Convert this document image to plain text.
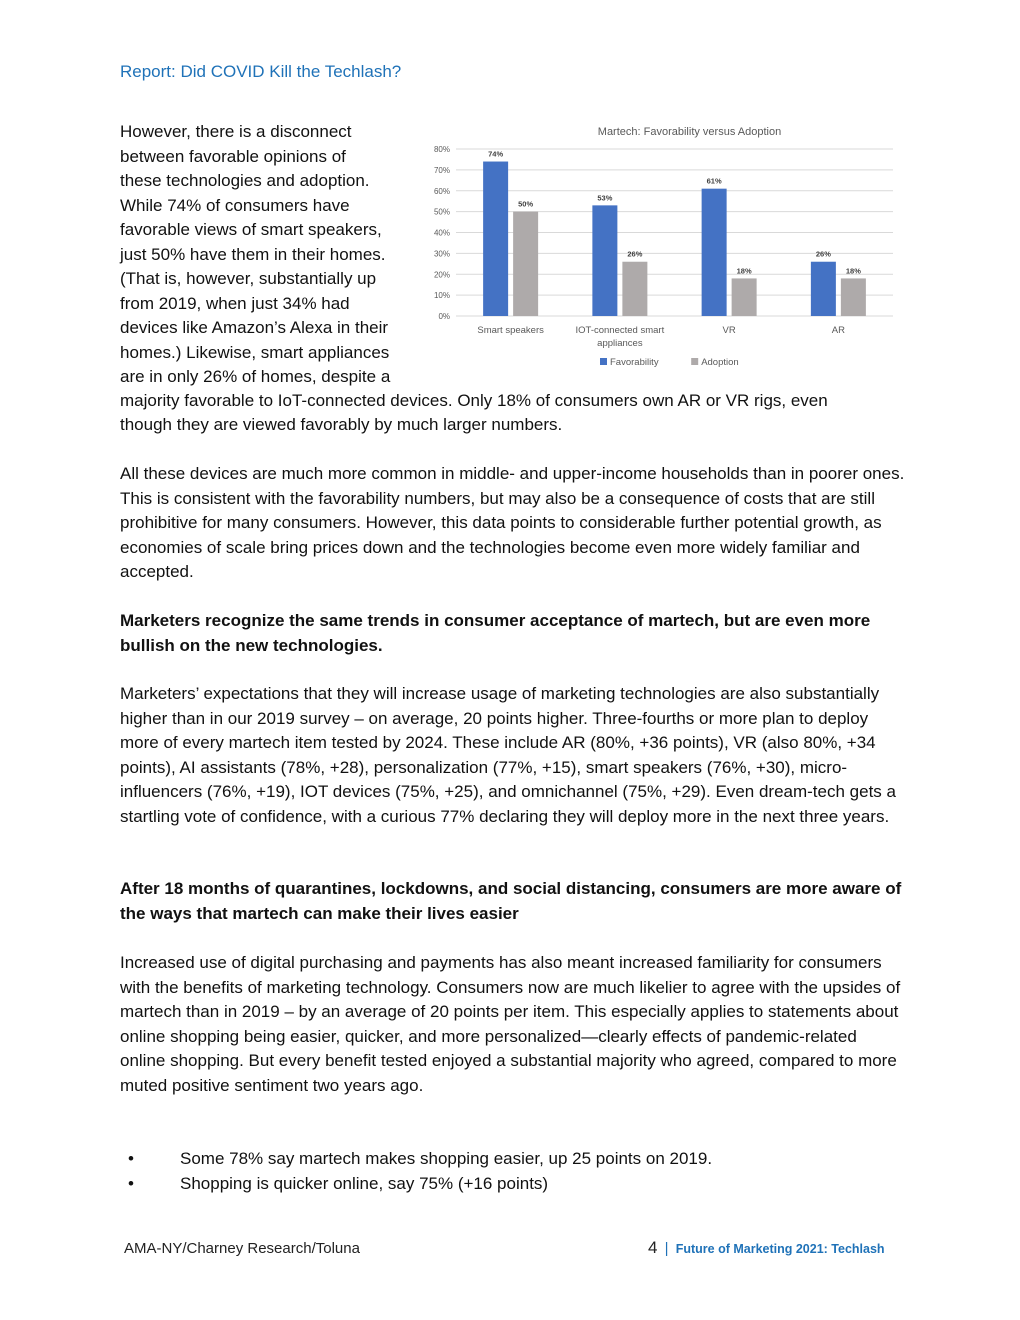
Report: Did COVID Kill the Techlash?

However, there is a disconnect
between favorable opinions of
these technologies and adoption.
While 74% of consumers have
favorable views of smart speakers,
just 50% have them in their homes.
(That is, however, substantially up
from 2019, when just 34% had
devices like Amazon’s Alexa in their
homes.) Likewise, smart appliances
are in only 26% of homes, despite a

Martech: Favorability versus Adoption
0%
10%
20%
30%
40%
50%
60%
70%
80%
74%
50%
Smart speakers
53%
26%
IOT-connected smart
appliances
61%
18%
VR
26%
18%
AR
Favorability	Adoption
majority favorable to IoT-connected devices. Only 18% of consumers own AR or VR rigs, even
though they are viewed favorably by much larger numbers.

All these devices are much more common in middle- and upper-income households than in poorer ones. This is consistent with the favorability numbers, but may also be a consequence of costs that are still prohibitive for many consumers. However, this data points to considerable further potential growth, as economies of scale bring prices down and the technologies become even more widely familiar and accepted.

Marketers recognize the same trends in consumer acceptance of martech, but are even more bullish on the new technologies.

Marketers’ expectations that they will increase usage of marketing technologies are also substantially higher than in our 2019 survey – on average, 20 points higher. Three-fourths or more plan to deploy more of every martech item tested by 2024. These include AR (80%, +36 points), VR (also 80%, +34 points), AI assistants (78%, +28), personalization (77%, +15), smart speakers (76%, +30), micro-influencers (76%, +19), IOT devices (75%, +25), and omnichannel (75%, +29). Even dream-tech gets a startling vote of confidence, with a curious 77% declaring they will deploy more in the next three years.

After 18 months of quarantines, lockdowns, and social distancing, consumers are more aware of the ways that martech can make their lives easier

Increased use of digital purchasing and payments has also meant increased familiarity for consumers with the benefits of marketing technology. Consumers now are much likelier to agree with the upsides of martech than in 2019 – by an average of 20 points per item. This especially applies to statements about online shopping being easier, quicker, and more personalized—clearly effects of pandemic-related online shopping. But every benefit tested enjoyed a substantial majority who agreed, compared to more muted positive sentiment two years ago.

•	Some 78% say martech makes shopping easier, up 25 points on 2019.
•	Shopping is quicker online, say 75% (+16 points)
AMA-NY/Charney Research/Toluna	4 | Future of Marketing 2021: Techlash
